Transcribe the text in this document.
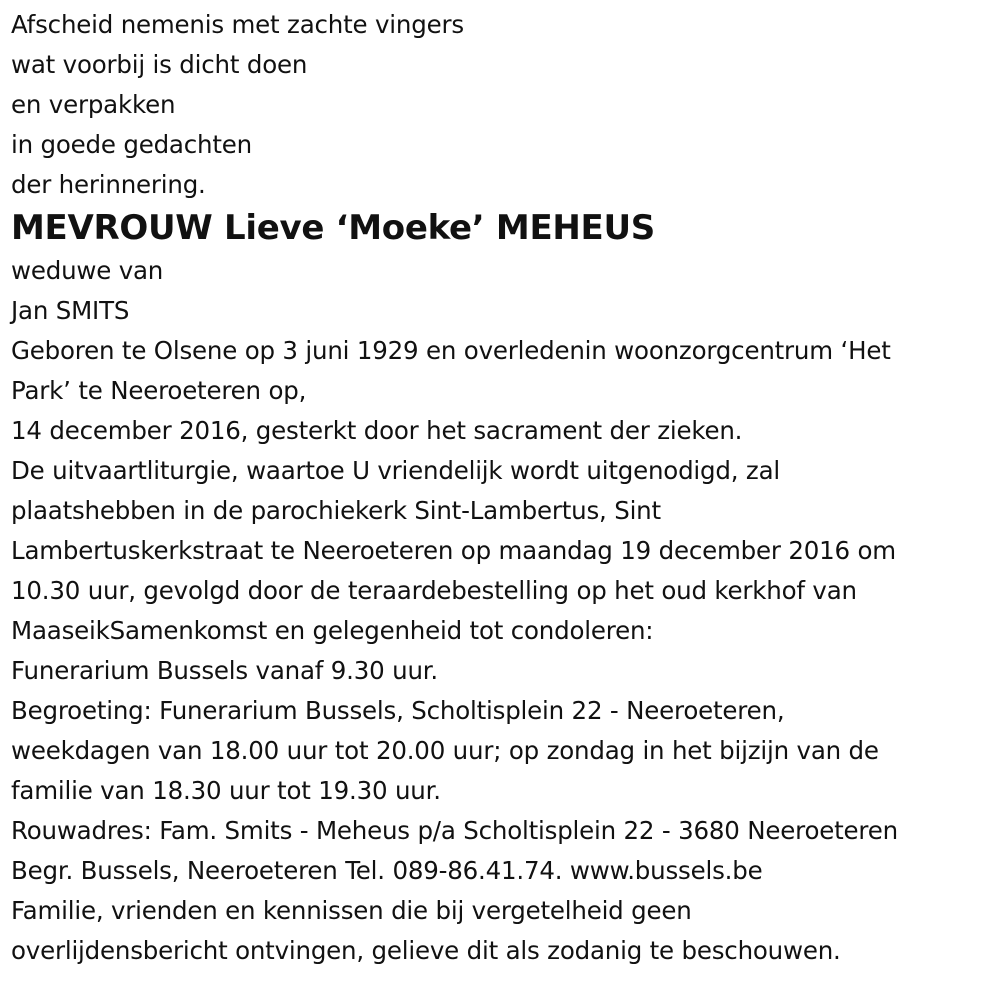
Afscheid nemenis met zachte vingers
wat voorbij is dicht doen
en verpakken
in goede gedachten
der herinnering.
MEVROUW Lieve ‘Moeke’ MEHEUS
weduwe van
Jan SMITS
Geboren te Olsene op 3 juni 1929 en overledenin woonzorgcentrum ‘Het
Park’ te Neeroeteren op,
14 december 2016, gesterkt door het sacrament der zieken.
De uitvaartliturgie, waartoe U vriendelijk wordt uitgenodigd, zal
plaatshebben in de parochiekerk Sint-Lambertus, Sint
Lambertuskerkstraat te Neeroeteren op maandag 19 december 2016 om
10.30 uur, gevolgd door de teraardebestelling op het oud kerkhof van
MaaseikSamenkomst en gelegenheid tot condoleren:
Funerarium Bussels vanaf 9.30 uur.
Begroeting: Funerarium Bussels, Scholtisplein 22 - Neeroeteren,
weekdagen van 18.00 uur tot 20.00 uur; op zondag in het bijzijn van de
familie van 18.30 uur tot 19.30 uur.
Rouwadres: Fam. Smits - Meheus p/a Scholtisplein 22 - 3680 Neeroeteren
Begr. Bussels, Neeroeteren Tel. 089-86.41.74. www.bussels.be
Familie, vrienden en kennissen die bij vergetelheid geen
overlijdensbericht ontvingen, gelieve dit als zodanig te beschouwen.
